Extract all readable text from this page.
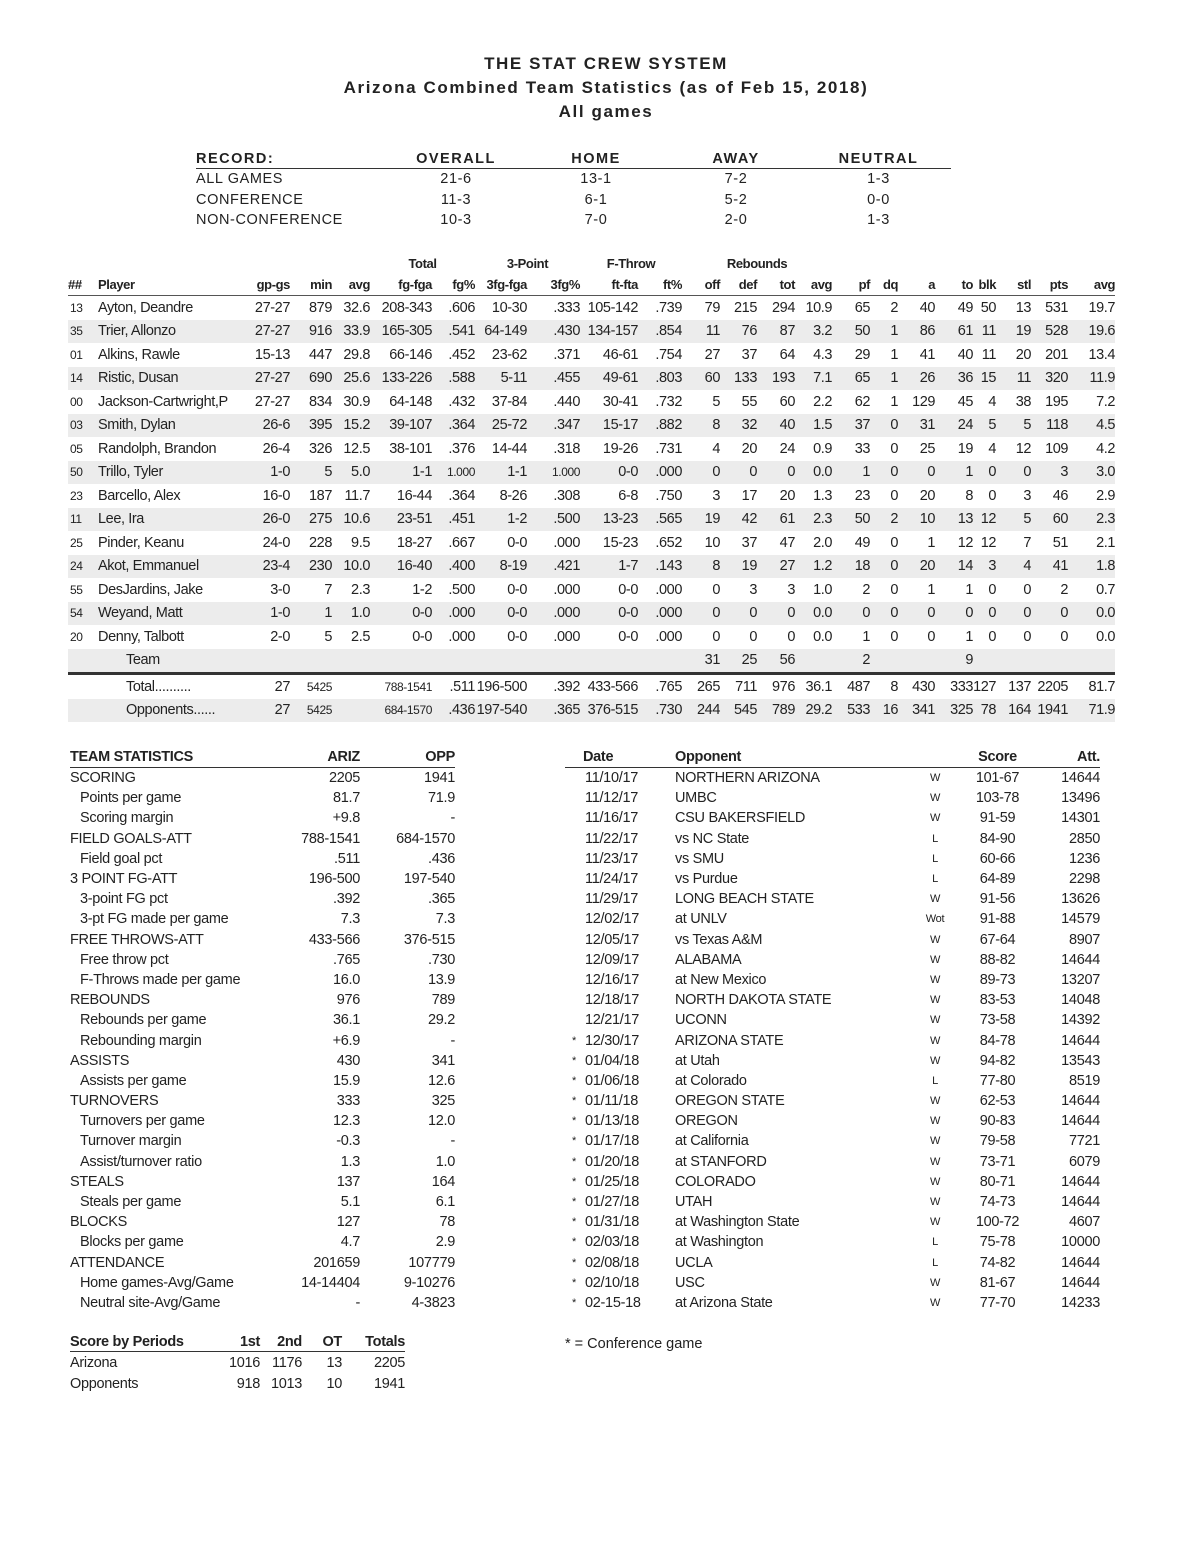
THE STAT CREW SYSTEM
Arizona Combined Team Statistics (as of Feb 15, 2018)
All games
RECORD:	OVERALL	HOME	AWAY	NEUTRAL
ALL GAMES	21-6	13-1	7-2	1-3
CONFERENCE	11-3	6-1	5-2	0-0
NON-CONFERENCE	10-3	7-0	2-0	1-3
					Total		3-Point		F-Throw		Rebounds											
##	Player	gp-gs	min	avg	fg-fga	fg%	3fg-fga	3fg%	ft-fta	ft%	off	def	tot	avg	pf	dq	a	to	blk	stl	pts	avg
13	Ayton, Deandre	27-27	879	32.6	208-343	.606	10-30	.333	105-142	.739	79	215	294	10.9	65	2	40	49	50	13	531	19.7
35	Trier, Allonzo	27-27	916	33.9	165-305	.541	64-149	.430	134-157	.854	11	76	87	3.2	50	1	86	61	11	19	528	19.6
01	Alkins, Rawle	15-13	447	29.8	66-146	.452	23-62	.371	46-61	.754	27	37	64	4.3	29	1	41	40	11	20	201	13.4
14	Ristic, Dusan	27-27	690	25.6	133-226	.588	5-11	.455	49-61	.803	60	133	193	7.1	65	1	26	36	15	11	320	11.9
00	Jackson-Cartwright,P	27-27	834	30.9	64-148	.432	37-84	.440	30-41	.732	5	55	60	2.2	62	1	129	45	4	38	195	7.2
03	Smith, Dylan	26-6	395	15.2	39-107	.364	25-72	.347	15-17	.882	8	32	40	1.5	37	0	31	24	5	5	118	4.5
05	Randolph, Brandon	26-4	326	12.5	38-101	.376	14-44	.318	19-26	.731	4	20	24	0.9	33	0	25	19	4	12	109	4.2
50	Trillo, Tyler	1-0	5	5.0	1-1	1.000	1-1	1.000	0-0	.000	0	0	0	0.0	1	0	0	1	0	0	3	3.0
23	Barcello, Alex	16-0	187	11.7	16-44	.364	8-26	.308	6-8	.750	3	17	20	1.3	23	0	20	8	0	3	46	2.9
11	Lee, Ira	26-0	275	10.6	23-51	.451	1-2	.500	13-23	.565	19	42	61	2.3	50	2	10	13	12	5	60	2.3
25	Pinder, Keanu	24-0	228	9.5	18-27	.667	0-0	.000	15-23	.652	10	37	47	2.0	49	0	1	12	12	7	51	2.1
24	Akot, Emmanuel	23-4	230	10.0	16-40	.400	8-19	.421	1-7	.143	8	19	27	1.2	18	0	20	14	3	4	41	1.8
55	DesJardins, Jake	3-0	7	2.3	1-2	.500	0-0	.000	0-0	.000	0	3	3	1.0	2	0	1	1	0	0	2	0.7
54	Weyand, Matt	1-0	1	1.0	0-0	.000	0-0	.000	0-0	.000	0	0	0	0.0	0	0	0	0	0	0	0	0.0
20	Denny, Talbott	2-0	5	2.5	0-0	.000	0-0	.000	0-0	.000	0	0	0	0.0	1	0	0	1	0	0	0	0.0
	Team										31	25	56		2			9				
	Total..........	27	5425		788-1541	.511	196-500	.392	433-566	.765	265	711	976	36.1	487	8	430	333	127	137	2205	81.7
	Opponents......	27	5425		684-1570	.436	197-540	.365	376-515	.730	244	545	789	29.2	533	16	341	325	78	164	1941	71.9
TEAM STATISTICS	ARIZ	OPP
SCORING	2205	1941
Points per game	81.7	71.9
Scoring margin	+9.8	-
FIELD GOALS-ATT	788-1541	684-1570
Field goal pct	.511	.436
3 POINT FG-ATT	196-500	197-540
3-point FG pct	.392	.365
3-pt FG made per game	7.3	7.3
FREE THROWS-ATT	433-566	376-515
Free throw pct	.765	.730
F-Throws made per game	16.0	13.9
REBOUNDS	976	789
Rebounds per game	36.1	29.2
Rebounding margin	+6.9	-
ASSISTS	430	341
Assists per game	15.9	12.6
TURNOVERS	333	325
Turnovers per game	12.3	12.0
Turnover margin	-0.3	-
Assist/turnover ratio	1.3	1.0
STEALS	137	164
Steals per game	5.1	6.1
BLOCKS	127	78
Blocks per game	4.7	2.9
ATTENDANCE	201659	107779
Home games-Avg/Game	14-14404	9-10276
Neutral site-Avg/Game	-	4-3823
	Date	Opponent		Score	Att.
	11/10/17	NORTHERN ARIZONA	W	101-67	14644
	11/12/17	UMBC	W	103-78	13496
	11/16/17	CSU BAKERSFIELD	W	91-59	14301
	11/22/17	vs NC State	L	84-90	2850
	11/23/17	vs SMU	L	60-66	1236
	11/24/17	vs Purdue	L	64-89	2298
	11/29/17	LONG BEACH STATE	W	91-56	13626
	12/02/17	at UNLV	Wot	91-88	14579
	12/05/17	vs Texas A&M	W	67-64	8907
	12/09/17	ALABAMA	W	88-82	14644
	12/16/17	at New Mexico	W	89-73	13207
	12/18/17	NORTH DAKOTA STATE	W	83-53	14048
	12/21/17	UCONN	W	73-58	14392
*	12/30/17	ARIZONA STATE	W	84-78	14644
*	01/04/18	at Utah	W	94-82	13543
*	01/06/18	at Colorado	L	77-80	8519
*	01/11/18	OREGON STATE	W	62-53	14644
*	01/13/18	OREGON	W	90-83	14644
*	01/17/18	at California	W	79-58	7721
*	01/20/18	at STANFORD	W	73-71	6079
*	01/25/18	COLORADO	W	80-71	14644
*	01/27/18	UTAH	W	74-73	14644
*	01/31/18	at Washington State	W	100-72	4607
*	02/03/18	at Washington	L	75-78	10000
*	02/08/18	UCLA	L	74-82	14644
*	02/10/18	USC	W	81-67	14644
*	02-15-18	at Arizona State	W	77-70	14233
Score by Periods	1st	2nd	OT	Totals
Arizona	1016	1176	13	2205
Opponents	918	1013	10	1941
* = Conference game
